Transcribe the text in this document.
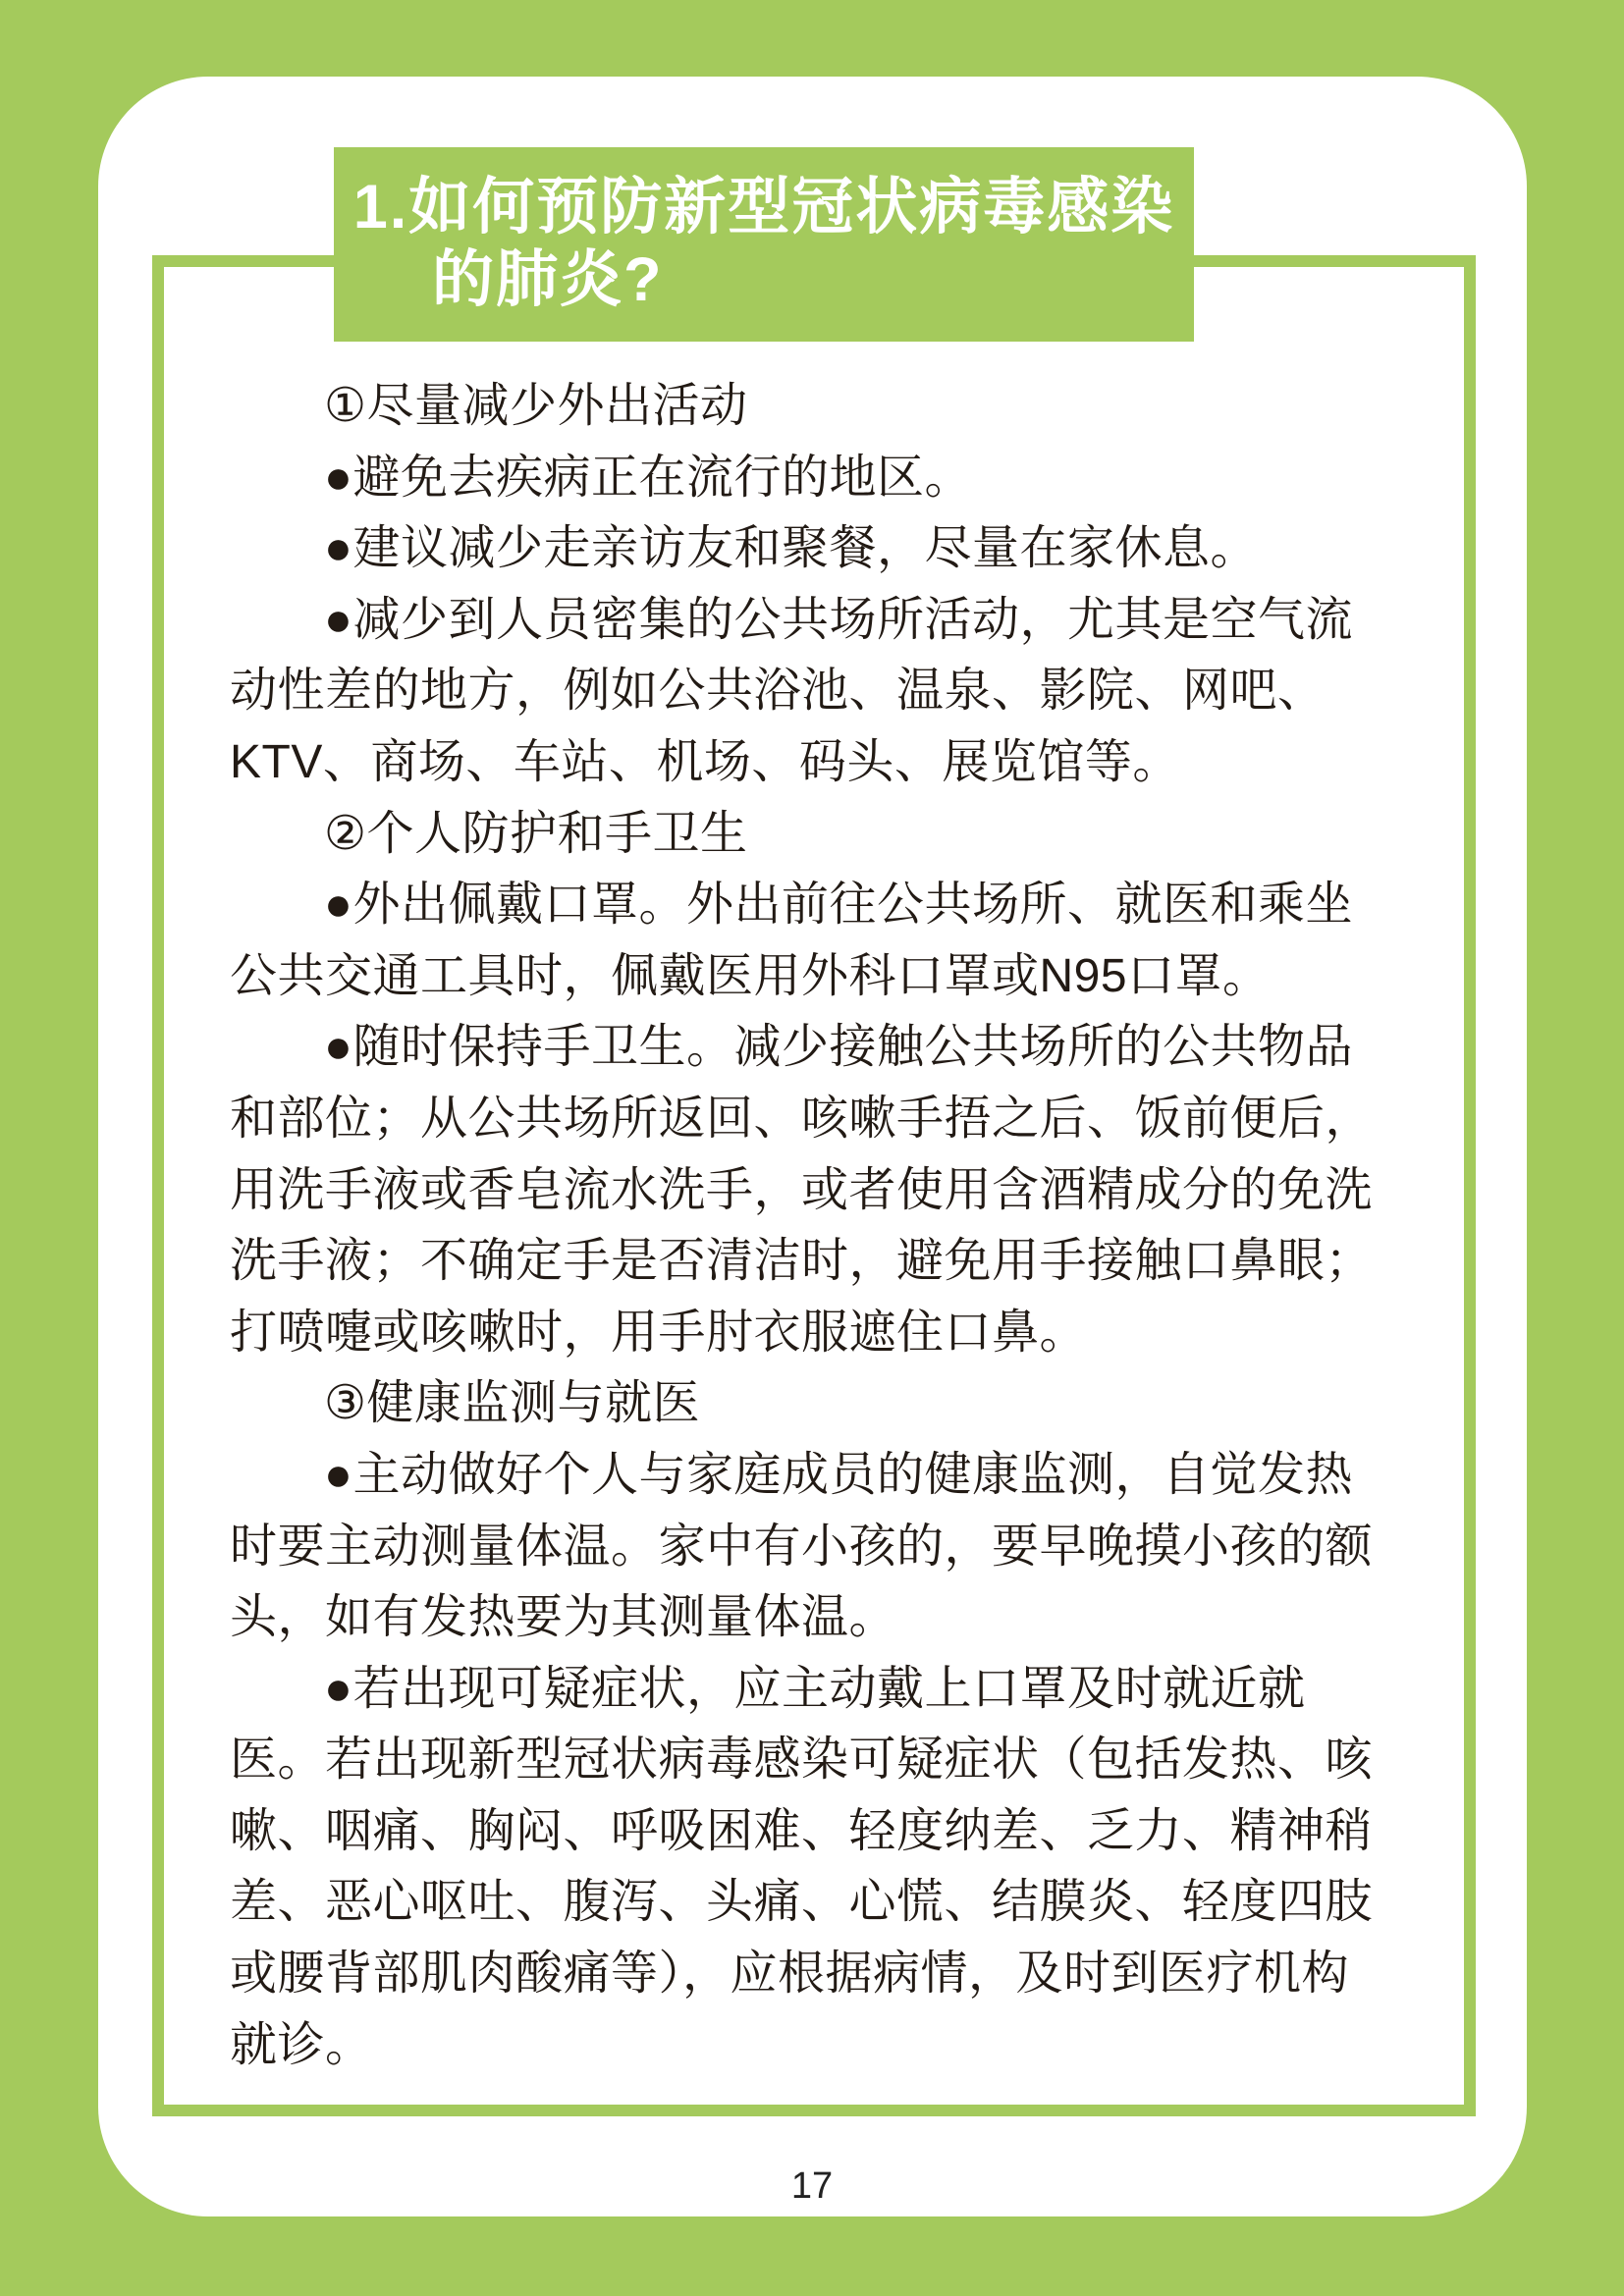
1.如何预防新型冠状病毒感染
的肺炎?
①尽量减少外出活动
●避免去疾病正在流行的地区。
●建议减少走亲访友和聚餐，尽量在家休息。
●减少到人员密集的公共场所活动，尤其是空气流
动性差的地方，例如公共浴池、温泉、影院、网吧、
KTV、商场、车站、机场、码头、展览馆等。
②个人防护和手卫生
●外出佩戴口罩。外出前往公共场所、就医和乘坐
公共交通工具时，佩戴医用外科口罩或N95口罩。
●随时保持手卫生。减少接触公共场所的公共物品
和部位；从公共场所返回、咳嗽手捂之后、饭前便后，
用洗手液或香皂流水洗手，或者使用含酒精成分的免洗
洗手液；不确定手是否清洁时，避免用手接触口鼻眼；
打喷嚏或咳嗽时，用手肘衣服遮住口鼻。
③健康监测与就医
●主动做好个人与家庭成员的健康监测，自觉发热
时要主动测量体温。家中有小孩的，要早晚摸小孩的额
头，如有发热要为其测量体温。
●若出现可疑症状，应主动戴上口罩及时就近就
医。若出现新型冠状病毒感染可疑症状（包括发热、咳
嗽、咽痛、胸闷、呼吸困难、轻度纳差、乏力、精神稍
差、恶心呕吐、腹泻、头痛、心慌、结膜炎、轻度四肢
或腰背部肌肉酸痛等），应根据病情，及时到医疗机构
就诊。
17
